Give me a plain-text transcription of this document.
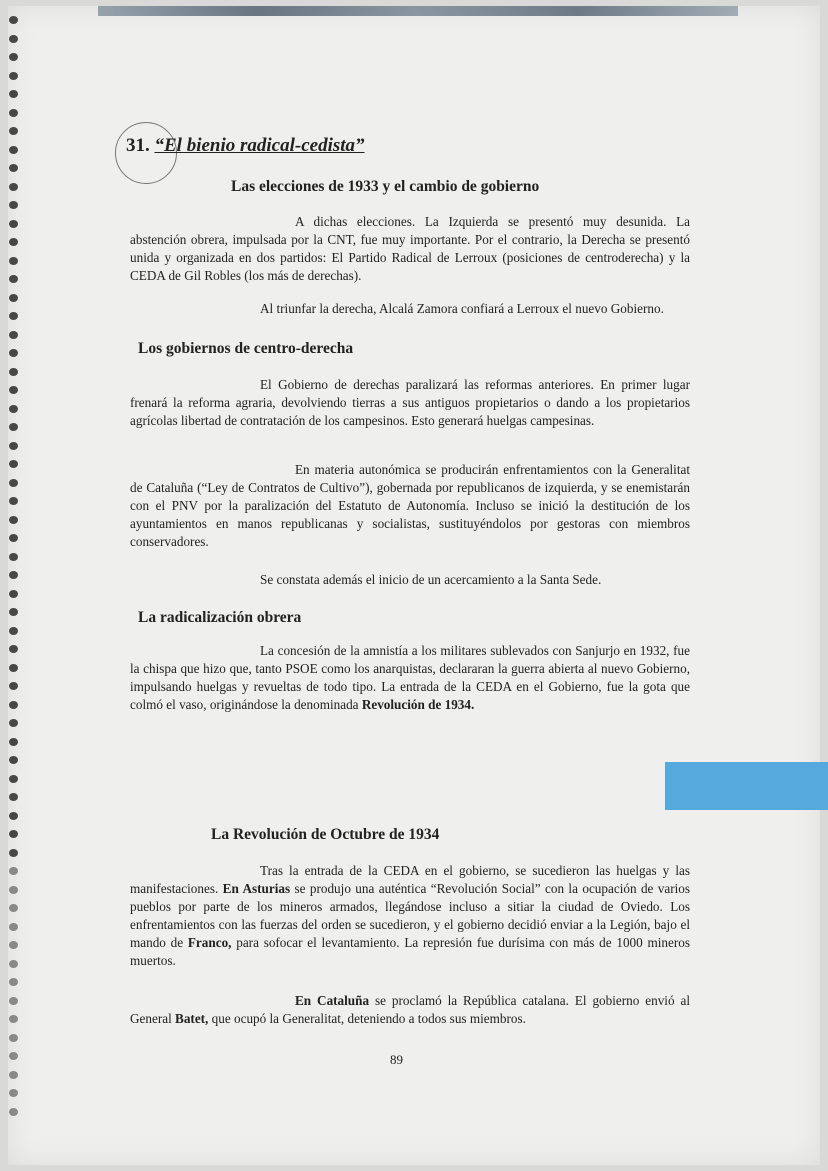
31. “El bienio radical-cedista”
Las elecciones de 1933 y el cambio de gobierno

A dichas elecciones. La Izquierda se presentó muy desunida. La abstención obrera, impulsada por la CNT, fue muy importante. Por el contrario, la Derecha se presentó unida y organizada en dos partidos: El Partido Radical de Lerroux (posiciones de centroderecha) y la CEDA de Gil Robles (los más de derechas).

Al triunfar la derecha, Alcalá Zamora confiará a Lerroux el nuevo Gobierno.

Los gobiernos de centro-derecha

El Gobierno de derechas paralizará las reformas anteriores. En primer lugar frenará la reforma agraria, devolviendo tierras a sus antiguos propietarios o dando a los propietarios agrícolas libertad de contratación de los campesinos. Esto generará huelgas campesinas.

En materia autonómica se producirán enfrentamientos con la Generalitat de Cataluña (“Ley de Contratos de Cultivo”), gobernada por republicanos de izquierda, y se enemistarán con el PNV por la paralización del Estatuto de Autonomía. Incluso se inició la destitución de los ayuntamientos en manos republicanas y socialistas, sustituyéndolos por gestoras con miembros conservadores.

Se constata además el inicio de un acercamiento a la Santa Sede.

La radicalización obrera

La concesión de la amnistía a los militares sublevados con Sanjurjo en 1932, fue la chispa que hizo que, tanto PSOE como los anarquistas, declararan la guerra abierta al nuevo Gobierno, impulsando huelgas y revueltas de todo tipo. La entrada de la CEDA en el Gobierno, fue la gota que colmó el vaso, originándose la denominada Revolución de 1934.

La Revolución de Octubre de 1934

Tras la entrada de la CEDA en el gobierno, se sucedieron las huelgas y las manifestaciones. En Asturias se produjo una auténtica “Revolución Social” con la ocupación de varios pueblos por parte de los mineros armados, llegándose incluso a sitiar la ciudad de Oviedo. Los enfrentamientos con las fuerzas del orden se sucedieron, y el gobierno decidió enviar a la Legión, bajo el mando de Franco, para sofocar el levantamiento. La represión fue durísima con más de 1000 mineros muertos.

En Cataluña se proclamó la República catalana. El gobierno envió al General Batet, que ocupó la Generalitat, deteniendo a todos sus miembros.

89
